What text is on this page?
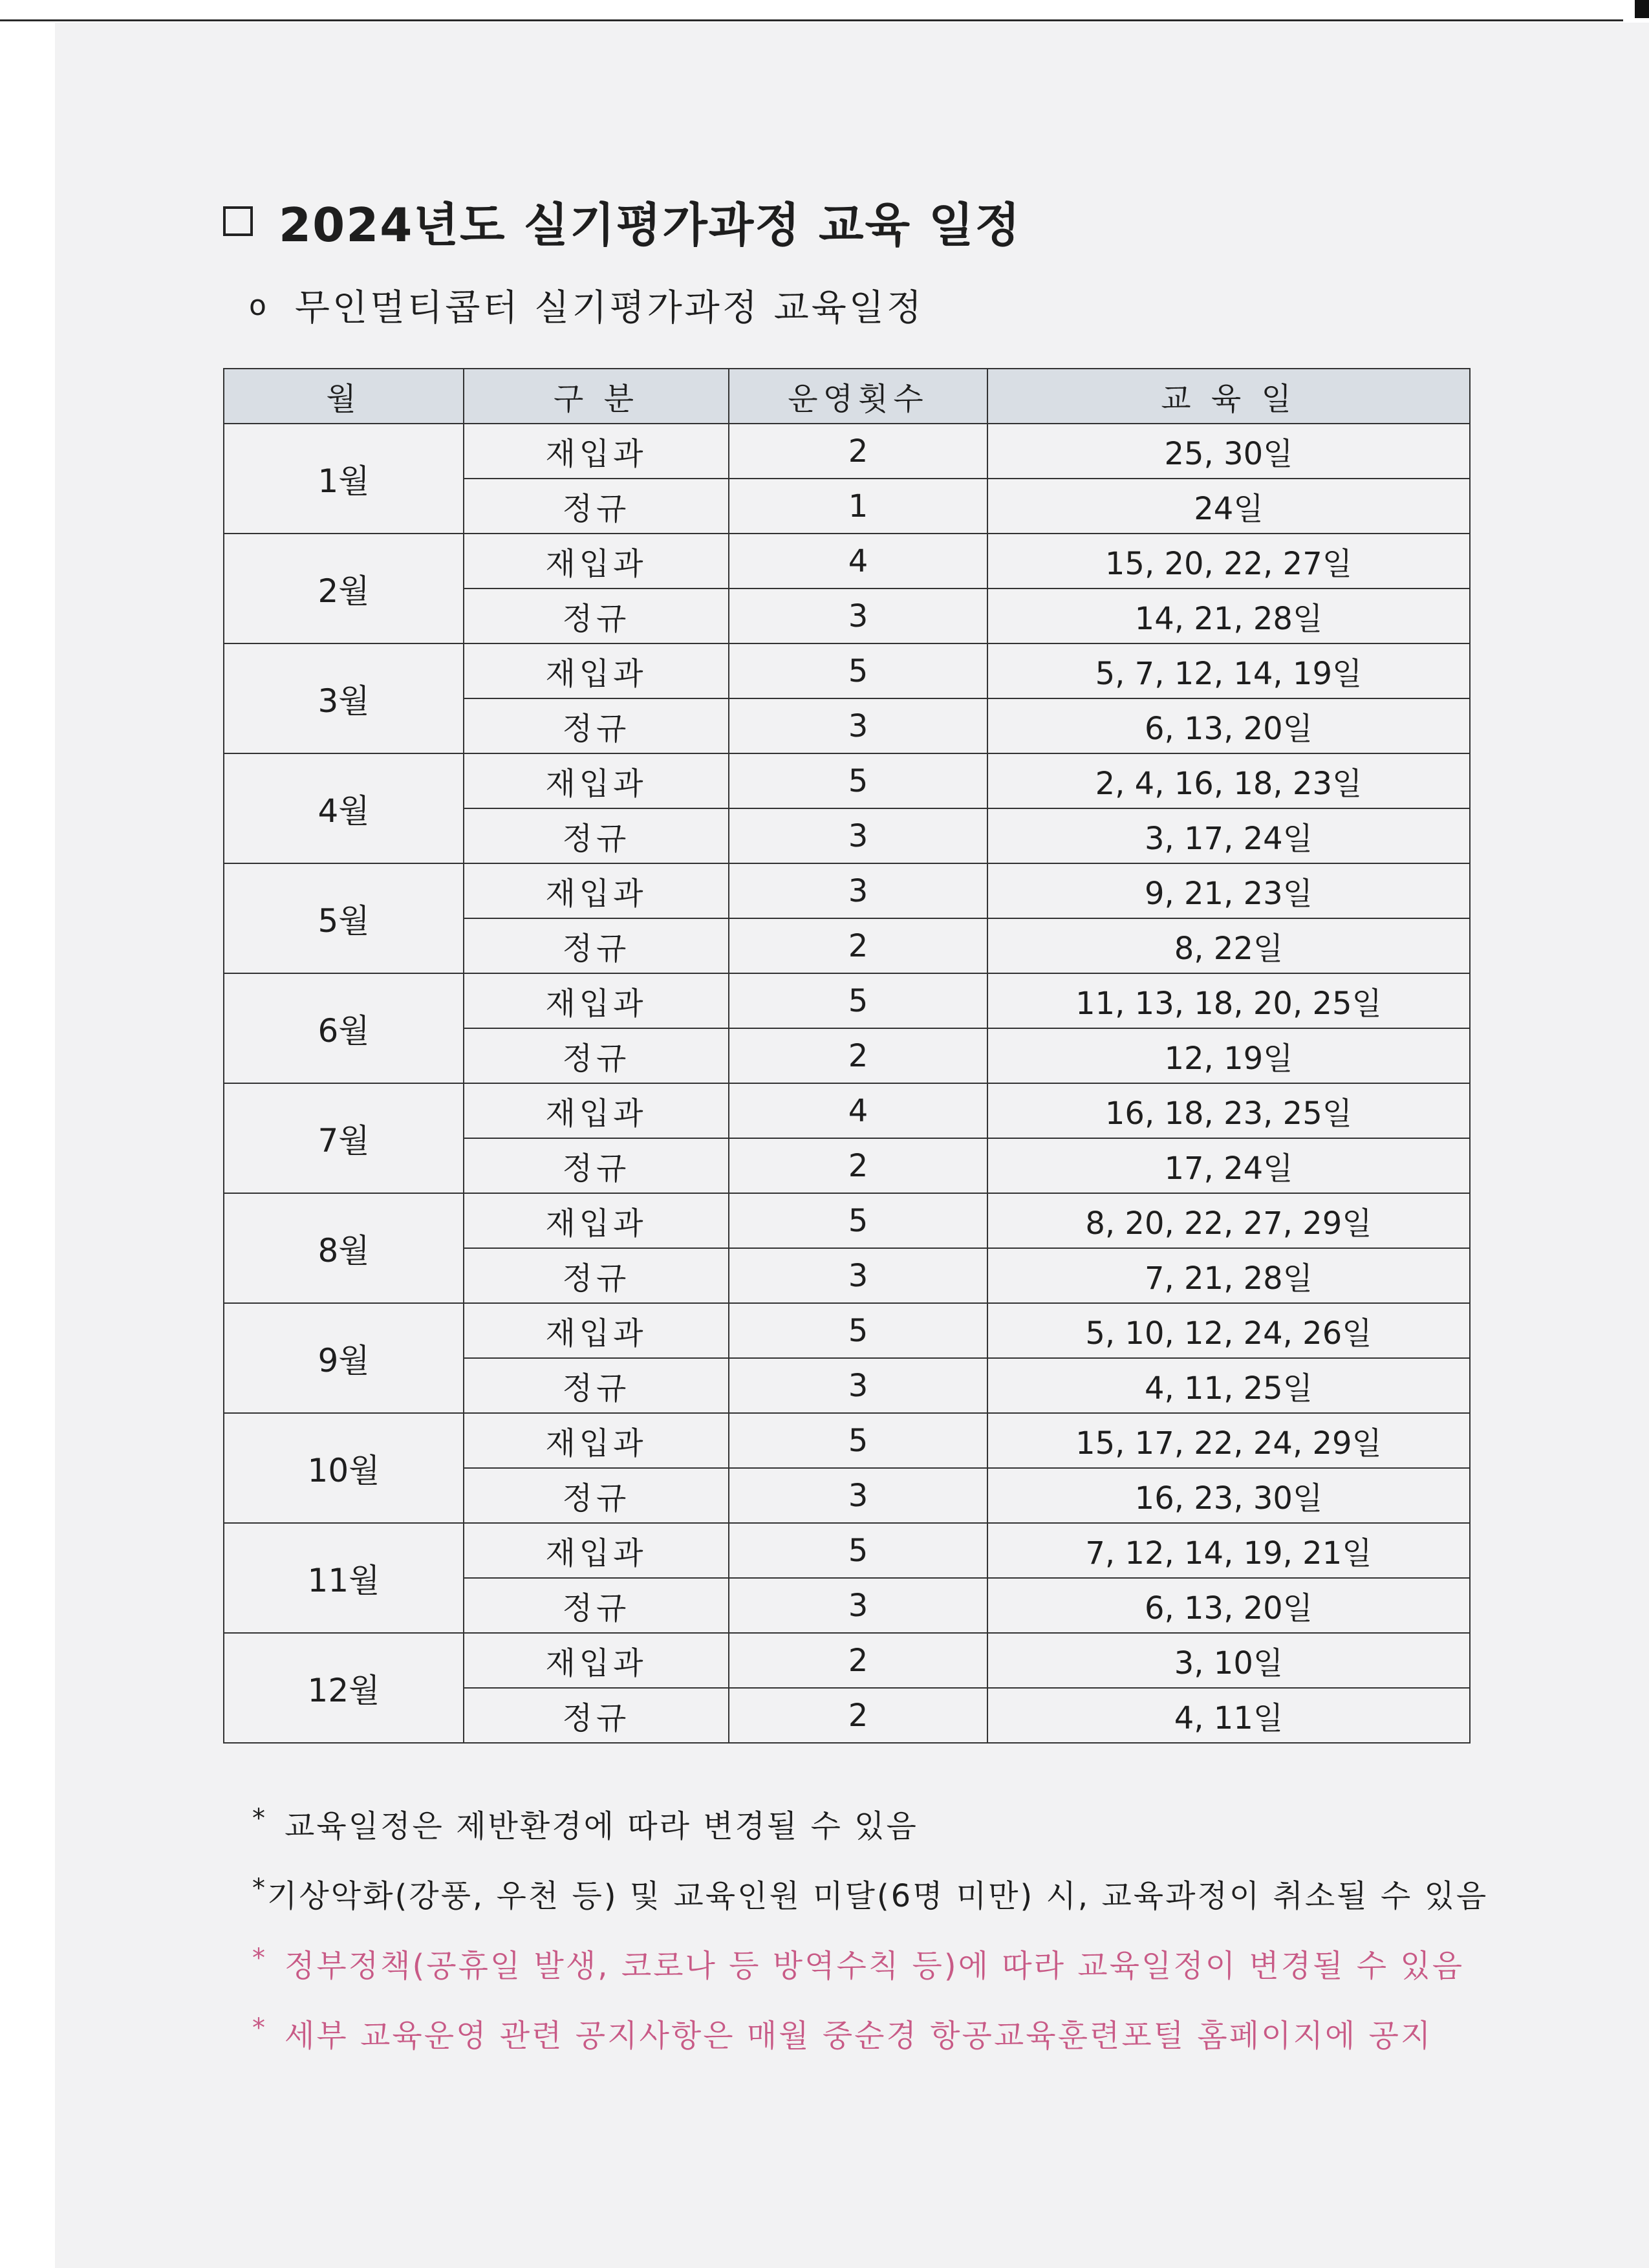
2024년도 실기평가과정 교육 일정
o 무인멀티콥터 실기평가과정 교육일정
월	구 분	운영횟수	교 육 일
1월	재입과	2	25, 30일
	정규	1	24일
2월	재입과	4	15, 20, 22, 27일
	정규	3	14, 21, 28일
3월	재입과	5	5, 7, 12, 14, 19일
	정규	3	6, 13, 20일
4월	재입과	5	2, 4, 16, 18, 23일
	정규	3	3, 17, 24일
5월	재입과	3	9, 21, 23일
	정규	2	8, 22일
6월	재입과	5	11, 13, 18, 20, 25일
	정규	2	12, 19일
7월	재입과	4	16, 18, 23, 25일
	정규	2	17, 24일
8월	재입과	5	8, 20, 22, 27, 29일
	정규	3	7, 21, 28일
9월	재입과	5	5, 10, 12, 24, 26일
	정규	3	4, 11, 25일
10월	재입과	5	15, 17, 22, 24, 29일
	정규	3	16, 23, 30일
11월	재입과	5	7, 12, 14, 19, 21일
	정규	3	6, 13, 20일
12월	재입과	2	3, 10일
	정규	2	4, 11일
* 교육일정은 제반환경에 따라 변경될 수 있음
* 기상악화(강풍, 우천 등) 및 교육인원 미달(6명 미만) 시, 교육과정이 취소될 수 있음
* 정부정책(공휴일 발생, 코로나 등 방역수칙 등)에 따라 교육일정이 변경될 수 있음
* 세부 교육운영 관련 공지사항은 매월 중순경 항공교육훈련포털 홈페이지에 공지
